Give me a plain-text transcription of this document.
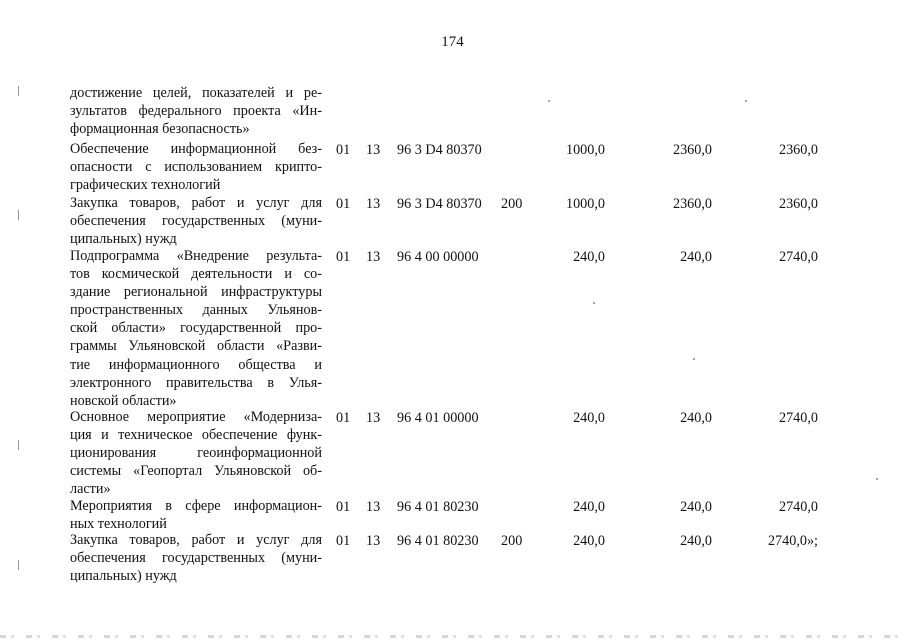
174
достижение целей, показателей и ре-
зультатов федерального проекта «Ин-
формационная безопасность»
Обеспечение информационной без-
опасности с использованием крипто-
графических технологий
01 13 96 3 D4 80370	1000,0	2360,0	2360,0
Закупка товаров, работ и услуг для
обеспечения государственных (муни-
ципальных) нужд
01 13 96 3 D4 80370 200	1000,0	2360,0	2360,0
Подпрограмма «Внедрение результа-
тов космической деятельности и со-
здание региональной инфраструктуры
пространственных данных Ульянов-
ской области» государственной про-
граммы Ульяновской области «Разви-
тие информационного общества и
электронного правительства в Улья-
новской области»
01 13 96 4 00 00000	240,0	240,0	2740,0
Основное мероприятие «Модерниза-
ция и техническое обеспечение функ-
ционирования геоинформационной
системы «Геопортал Ульяновской об-
ласти»
01 13 96 4 01 00000	240,0	240,0	2740,0
Мероприятия в сфере информацион-
ных технологий
01 13 96 4 01 80230	240,0	240,0	2740,0
Закупка товаров, работ и услуг для
обеспечения государственных (муни-
ципальных) нужд
01 13 96 4 01 80230 200	240,0	240,0	2740,0»;
